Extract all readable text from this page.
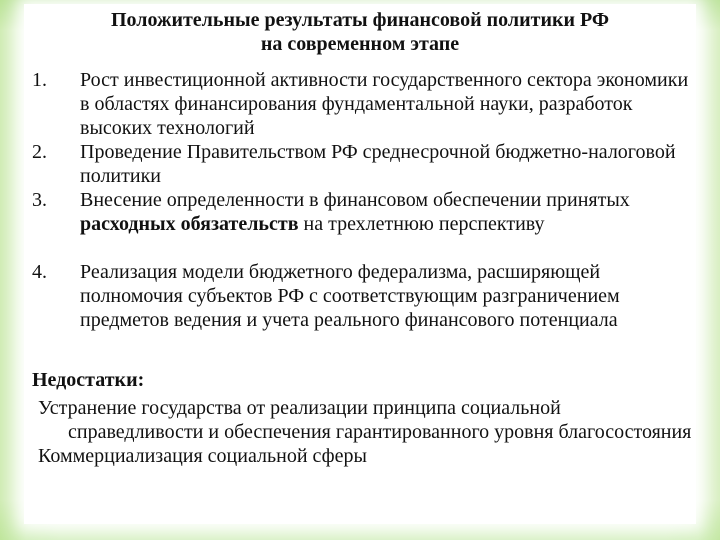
Положительные результаты финансовой политики РФ
на современном этапе
1. Рост инвестиционной активности государственного сектора экономики в областях финансирования фундаментальной науки, разработок высоких технологий
2. Проведение Правительством РФ среднесрочной бюджетно-налоговой политики
3. Внесение определенности в финансовом обеспечении принятых расходных обязательств на трехлетнюю перспективу
4. Реализация модели бюджетного федерализма, расширяющей полномочия субъектов РФ с соответствующим разграничением предметов ведения и учета реального финансового потенциала
Недостатки:
Устранение государства от реализации принципа социальной справедливости и обеспечения гарантированного уровня благосостояния
Коммерциализация социальной сферы
